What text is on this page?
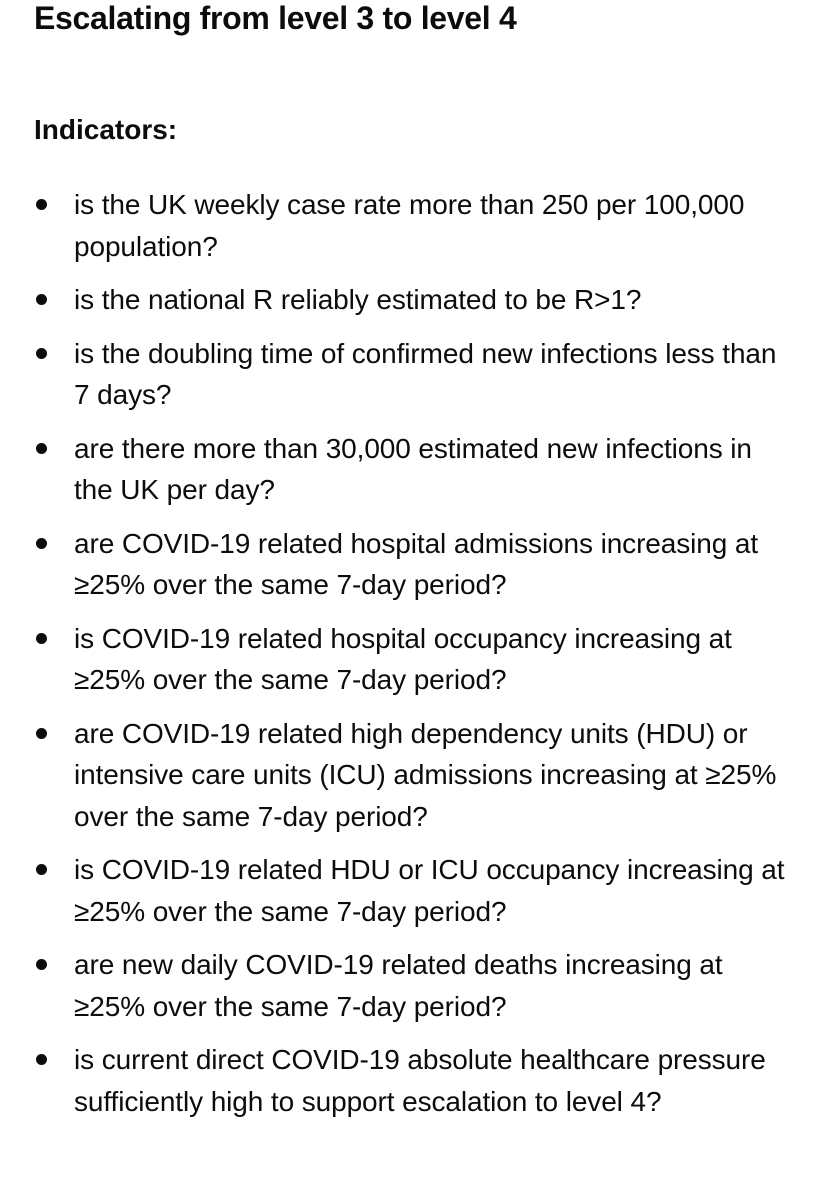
Escalating from level 3 to level 4
Indicators:
is the UK weekly case rate more than 250 per 100,000 population?
is the national R reliably estimated to be R>1?
is the doubling time of confirmed new infections less than 7 days?
are there more than 30,000 estimated new infections in the UK per day?
are COVID-19 related hospital admissions increasing at ≥25% over the same 7-day period?
is COVID-19 related hospital occupancy increasing at ≥25% over the same 7-day period?
are COVID-19 related high dependency units (HDU) or intensive care units (ICU) admissions increasing at ≥25% over the same 7-day period?
is COVID-19 related HDU or ICU occupancy increasing at ≥25% over the same 7-day period?
are new daily COVID-19 related deaths increasing at ≥25% over the same 7-day period?
is current direct COVID-19 absolute healthcare pressure sufficiently high to support escalation to level 4?
